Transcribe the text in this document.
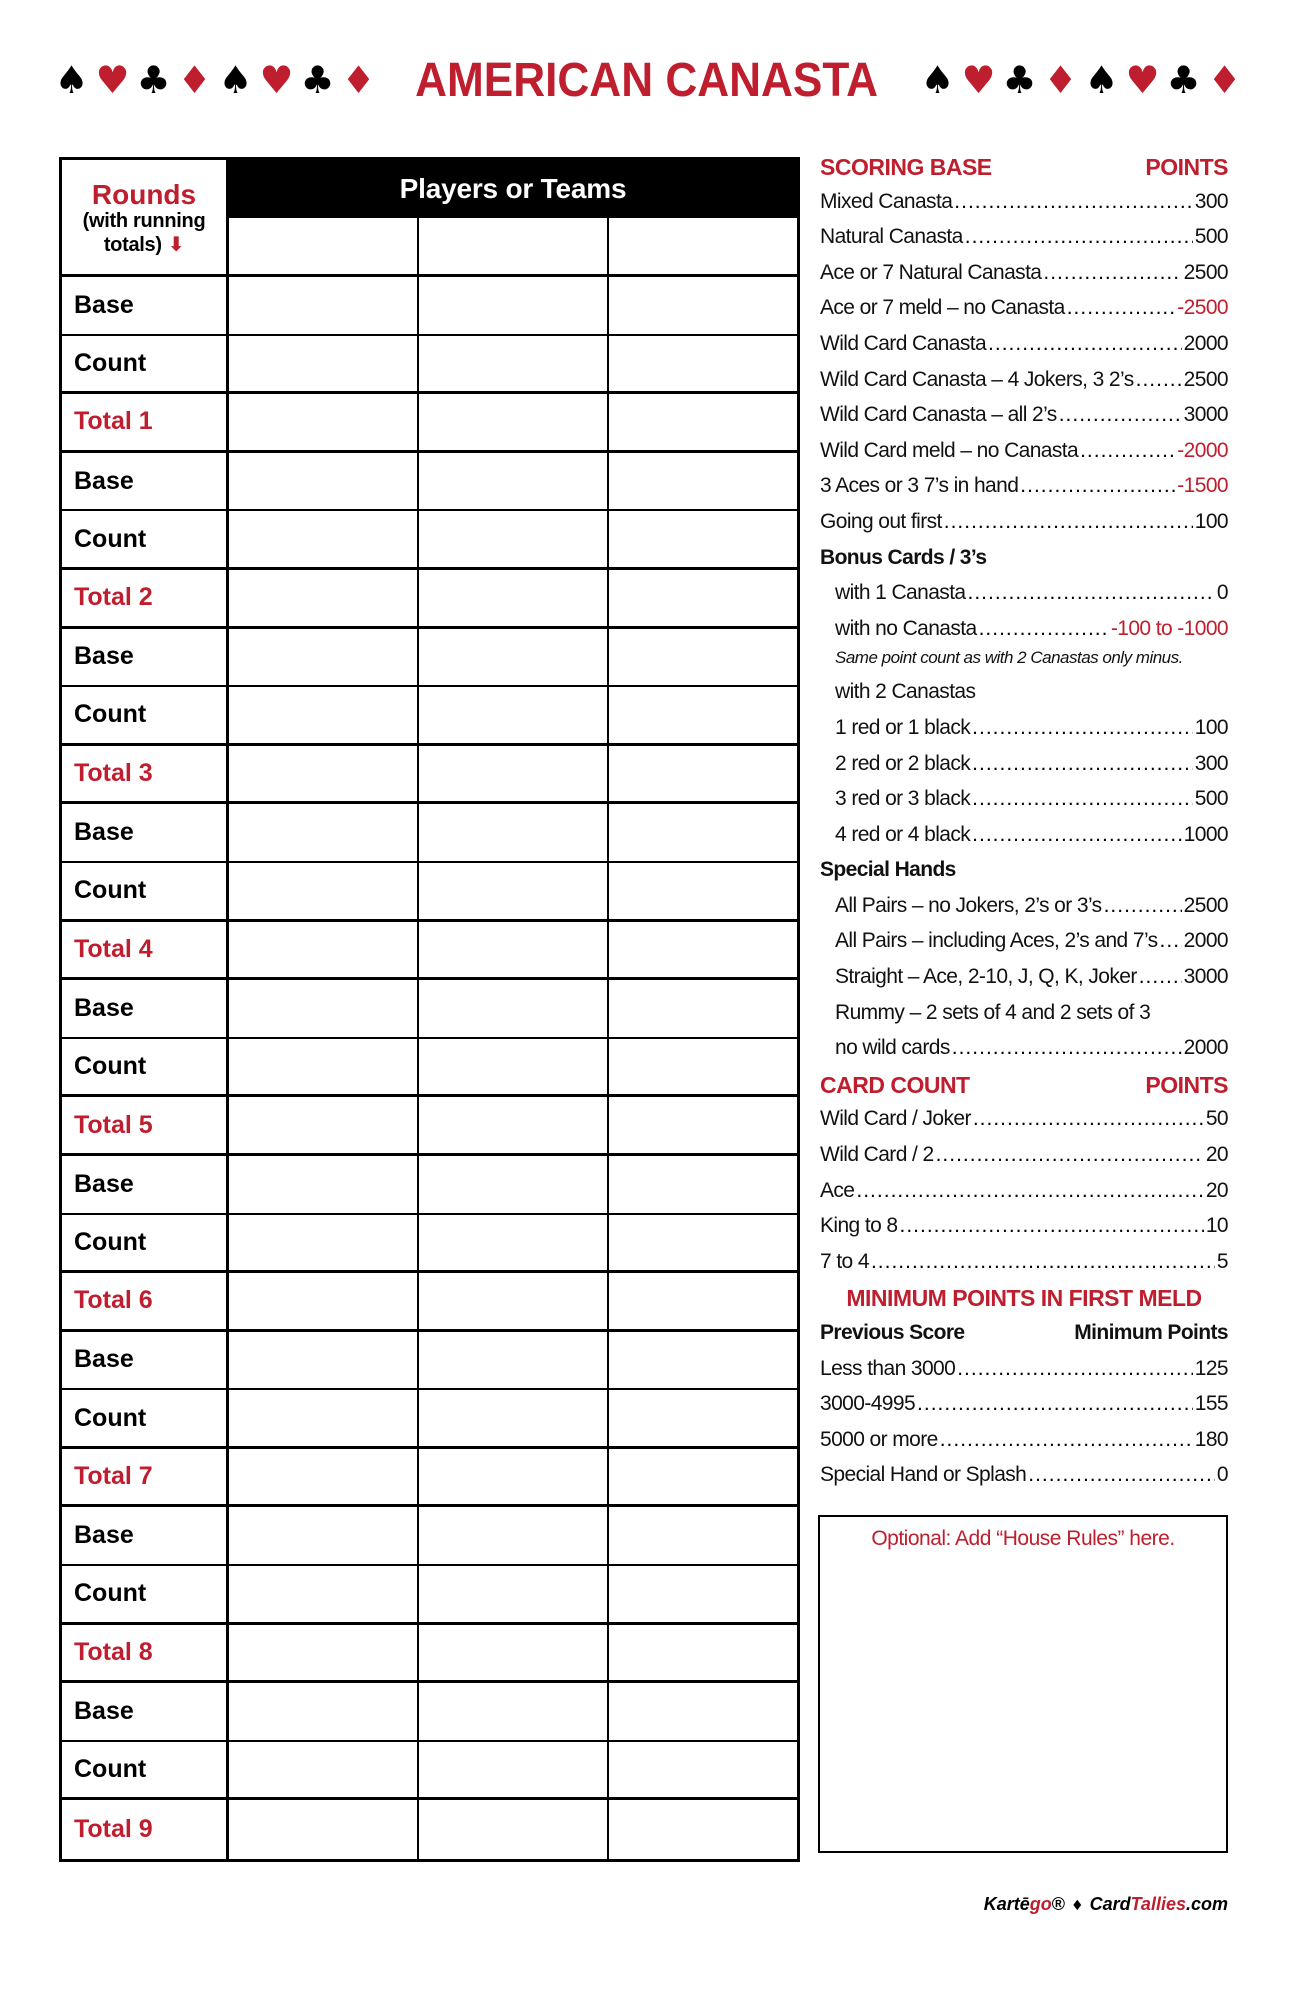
♠ ♥ ♣ ♦ ♠ ♥ ♣ ♦ AMERICAN CANASTA ♠ ♥ ♣ ♦ ♠ ♥ ♣ ♦
Rounds
(with running
totals) ⬇
Players or Teams
Base
Count
Total 1
Base
Count
Total 2
Base
Count
Total 3
Base
Count
Total 4
Base
Count
Total 5
Base
Count
Total 6
Base
Count
Total 7
Base
Count
Total 8
Base
Count
Total 9
SCORING BASE	POINTS
Mixed Canasta .....	300
Natural Canasta .....	500
Ace or 7 Natural Canasta .....	2500
Ace or 7 meld – no Canasta .....	-2500
Wild Card Canasta .....	2000
Wild Card Canasta – 4 Jokers, 3 2’s ..... 2500
Wild Card Canasta – all 2’s .....	3000
Wild Card meld – no Canasta .....	-2000
3 Aces or 3 7’s in hand .....	-1500
Going out first .....	100
Bonus Cards / 3’s
with 1 Canasta .....	0
with no Canasta .....	-100 to -1000
Same point count as with 2 Canastas only minus.
with 2 Canastas
1 red or 1 black .....	100
2 red or 2 black .....	300
3 red or 3 black .....	500
4 red or 4 black .....	1000
Special Hands
All Pairs – no Jokers, 2’s or 3’s .....	2500
All Pairs – including Aces, 2’s and 7’s ..... 2000
Straight – Ace, 2-10, J, Q, K, Joker ..... 3000
Rummy – 2 sets of 4 and 2 sets of 3
no wild cards .....	2000
CARD COUNT	POINTS
Wild Card / Joker .....	50
Wild Card / 2 .....	20
Ace .....	20
King to 8 .....	10
7 to 4 .....	5
MINIMUM POINTS IN FIRST MELD
Previous Score	Minimum Points
Less than 3000 .....	125
3000-4995 .....	155
5000 or more .....	180
Special Hand or Splash .....	0
Optional: Add “House Rules” here.
Kartēgo® ♦ CardTallies.com
